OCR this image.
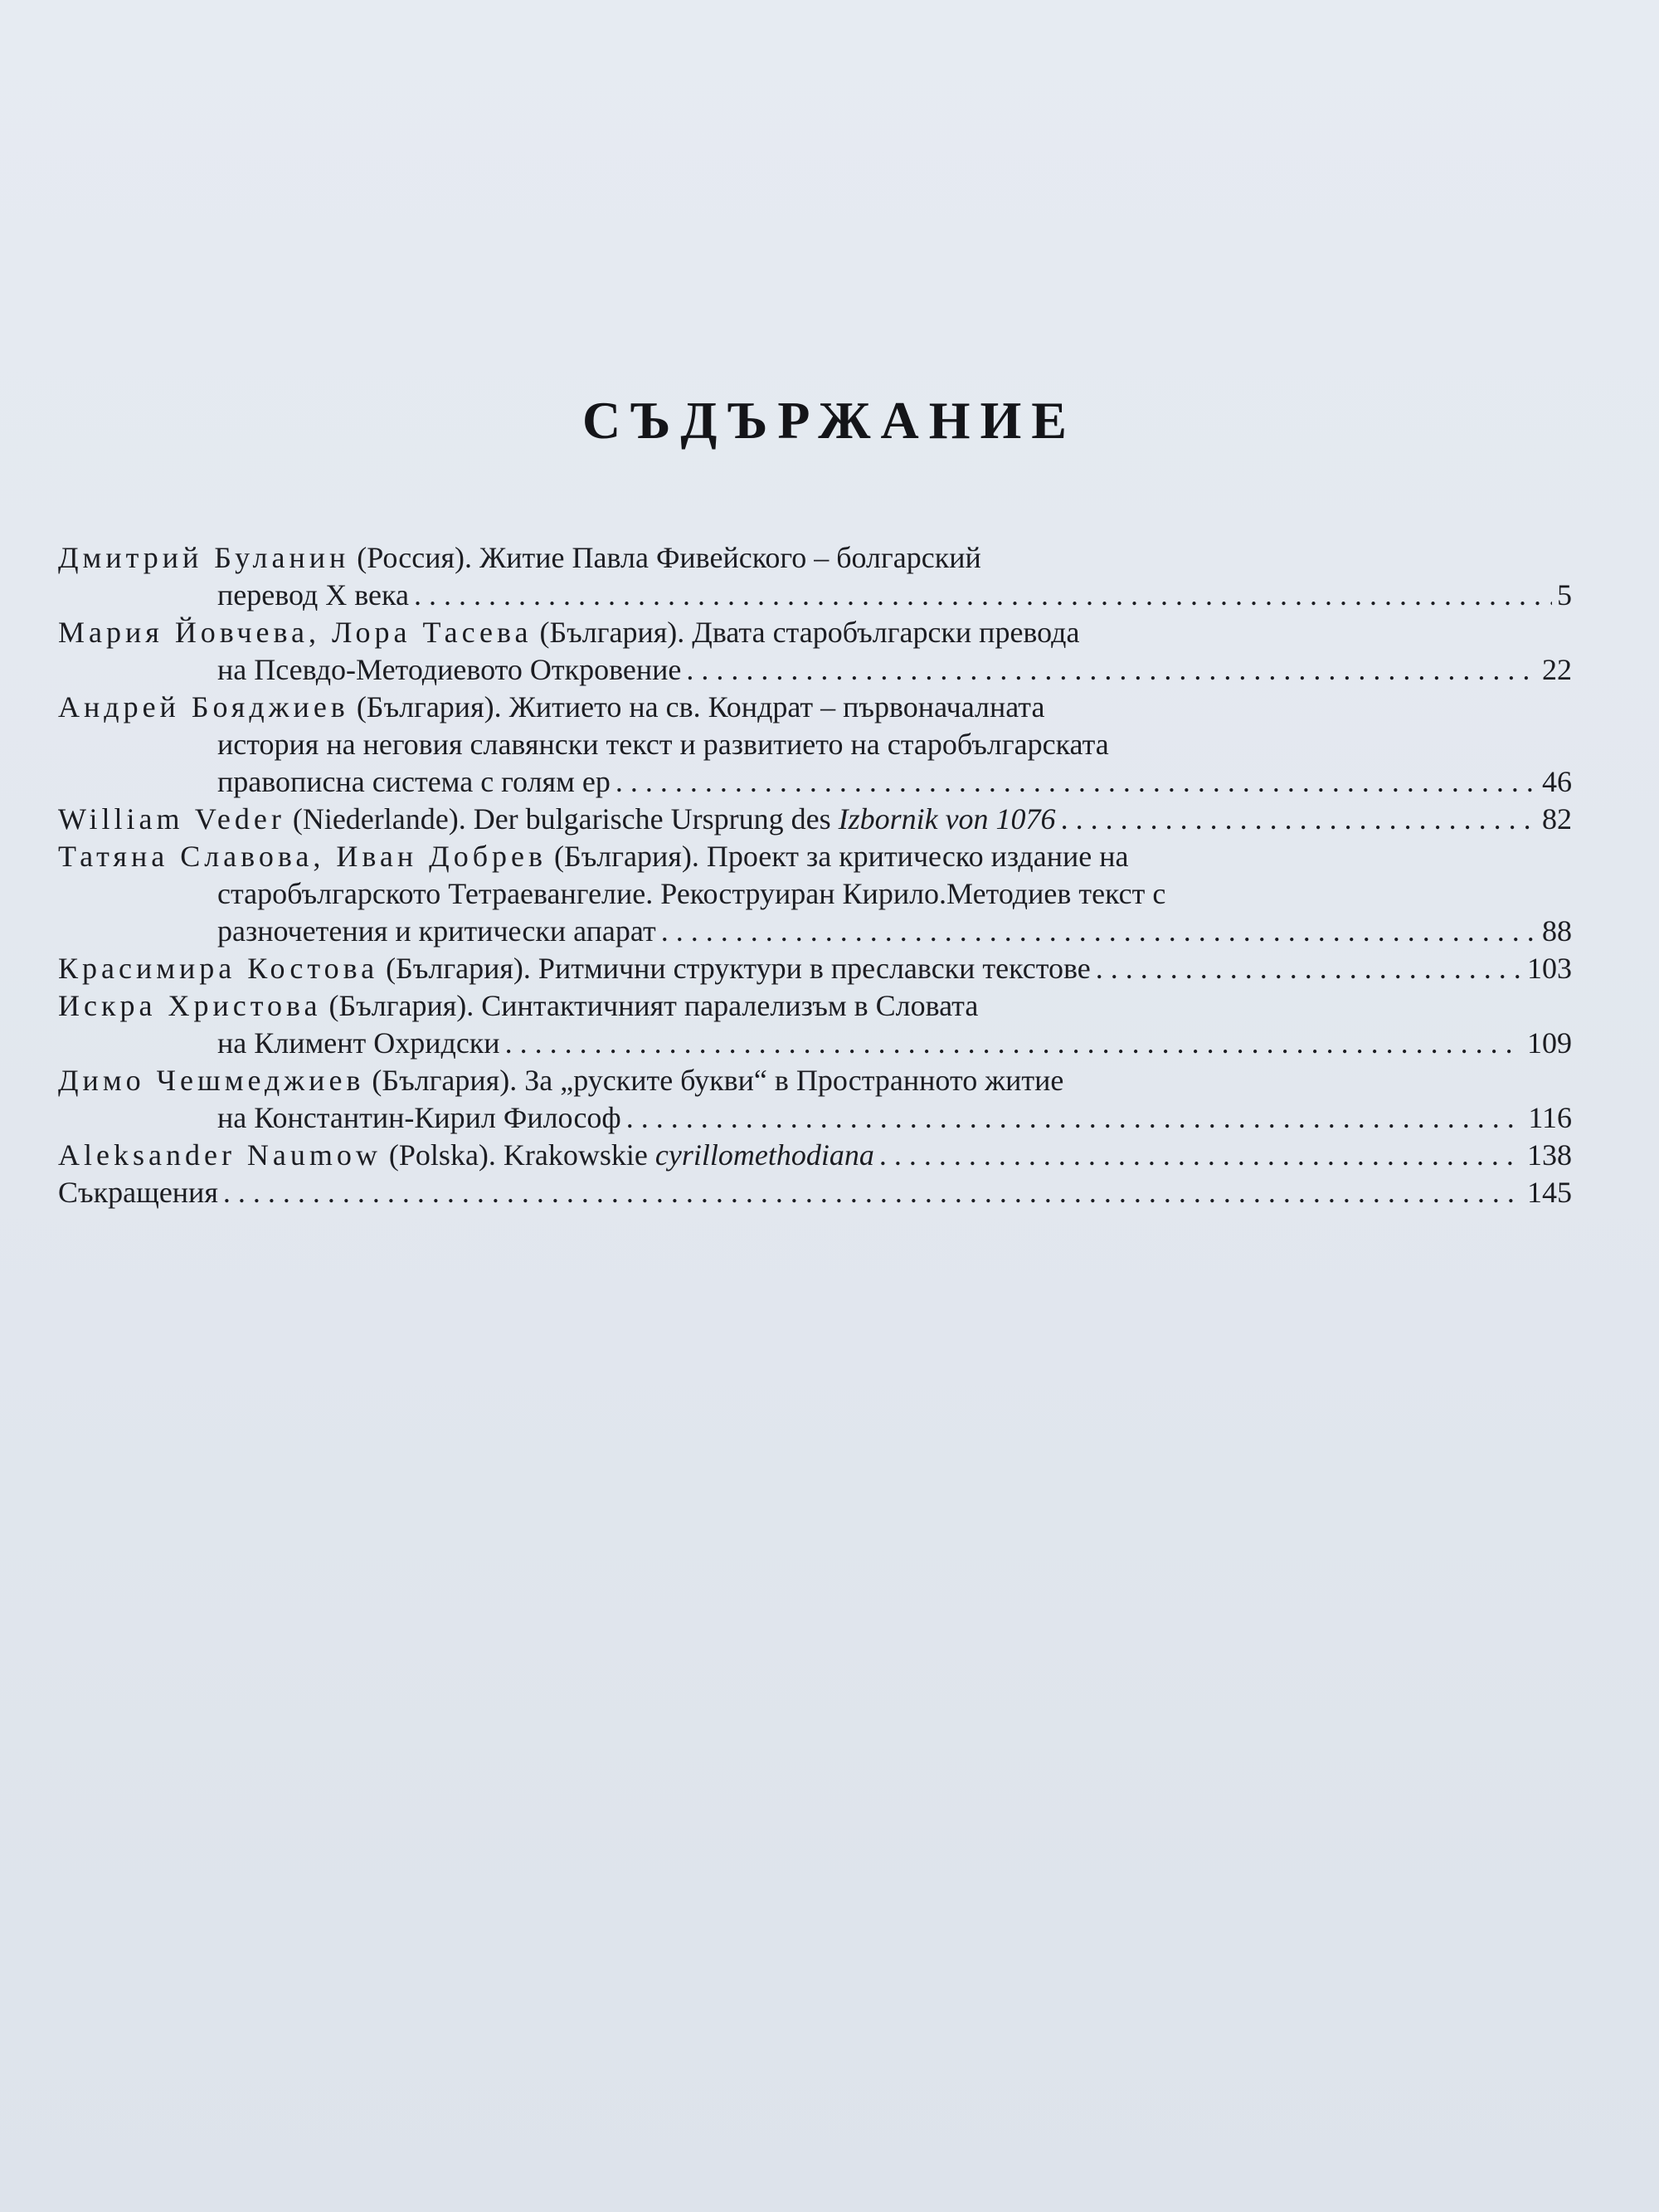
СЪДЪРЖАНИЕ
Дмитрий Буланин (Россия). Житие Павла Фивейского – болгарский
перевод X века . . .	5
Мария Йовчева, Лора Тасева (България). Двата старобългарски превода
на Псевдо-Методиевото Откровение . . .	22
Андрей Бояджиев (България). Житието на св. Кондрат – първоначалната
история на неговия славянски текст и развитието на старобългарската
правописна система с голям ер . . .	46
William Veder (Niederlande). Der bulgarische Ursprung des Izbornik von 1076 . . .	82
Татяна Славова, Иван Добрев (България). Проект за критическо издание на
старобългарското Тетраевангелие. Рекоструиран Кирило.Методиев текст с
разночетения и критически апарат . . .	88
Красимира Костова (България). Ритмични структури в преславски текстове . . .	103
Искра Христова (България). Синтактичният паралелизъм в Словата
на Климент Охридски . . .	109
Димо Чешмеджиев (България). За „руските букви“ в Пространното житие
на Константин-Кирил Философ . . .	116
Aleksander Naumow (Polska). Krakowskie cyrillomethodiana . . .	138
Съкращения . . .	145
